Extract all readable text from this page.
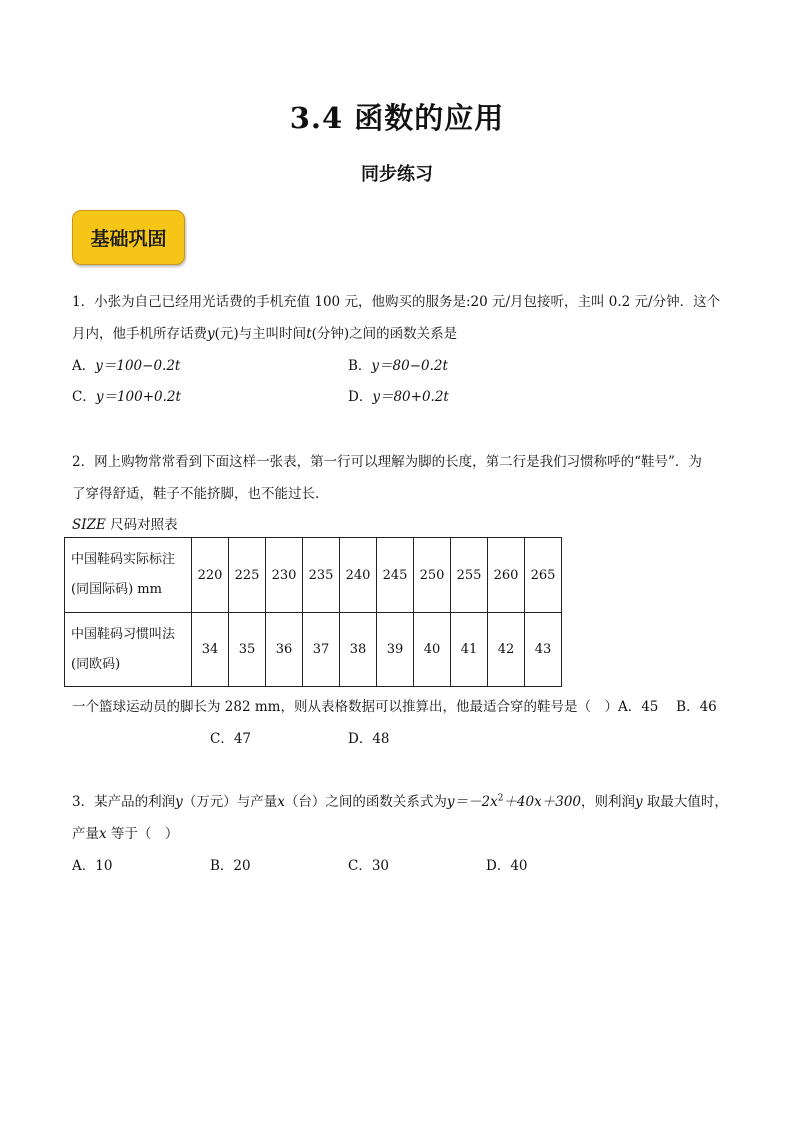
3.4 函数的应用
同步练习
基础巩固
1．小张为自己已经用光话费的手机充值 100 元，他购买的服务是:20 元/月包接听，主叫 0.2 元/分钟．这个
月内，他手机所存话费y(元)与主叫时间t(分钟)之间的函数关系是
A．y＝100−0.2t	B．y＝80−0.2t
C．y＝100+0.2t	D．y＝80+0.2t
2．网上购物常常看到下面这样一张表，第一行可以理解为脚的长度，第二行是我们习惯称呼的“鞋号”．为
了穿得舒适，鞋子不能挤脚，也不能过长．
SIZE 尺码对照表
中国鞋码实际标注
(同国际码) mm	220	225	230	235	240	245	250	255	260	265

中国鞋码习惯叫法
(同欧码)	34	35	36	37	38	39	40	41	42	43
一个篮球运动员的脚长为 282 mm，则从表格数据可以推算出，他最适合穿的鞋号是（　）A．45　 B．46
C．47	D．48
3．某产品的利润y（万元）与产量x（台）之间的函数关系式为$y=-2x^2+40x+300$，则利润y 取最大值时，
产量x 等于（　）
A．10	B．20	C．30	D．40
